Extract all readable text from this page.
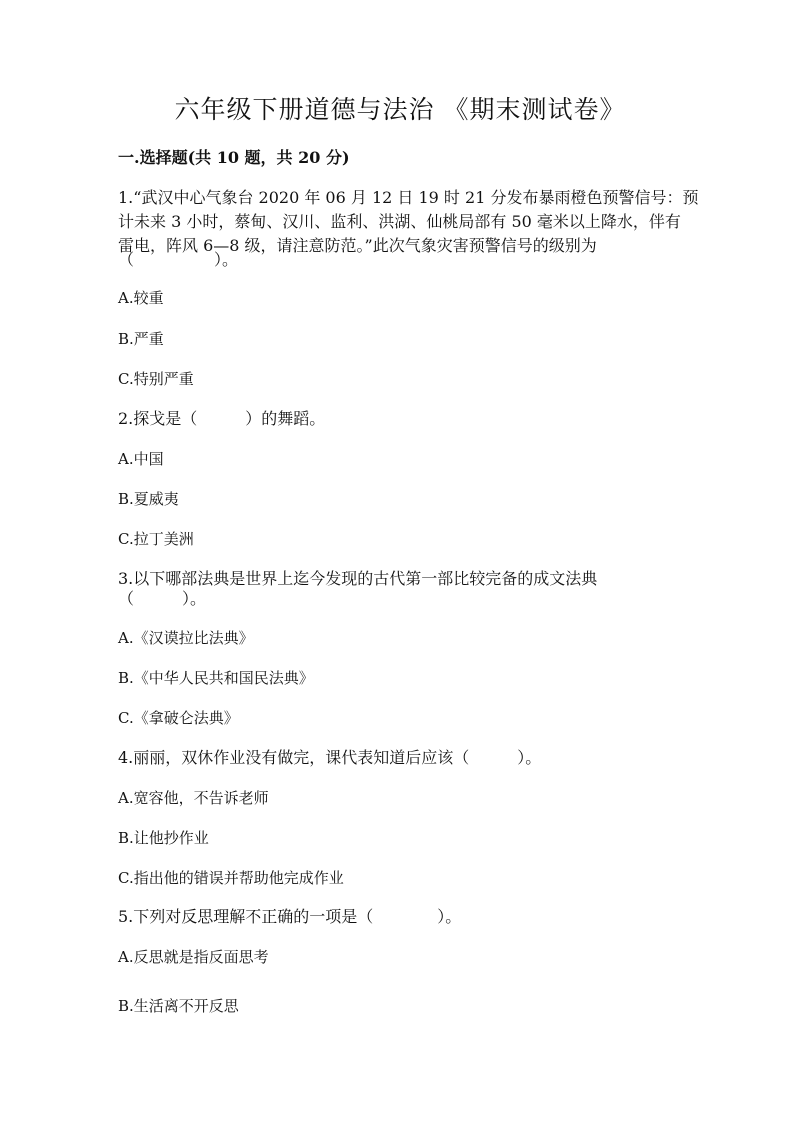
六年级下册道德与法治 《期末测试卷》
一.选择题(共 10 题，共 20 分)
1.“武汉中心气象台 2020 年 06 月 12 日 19 时 21 分发布暴雨橙色预警信号：预
计未来 3 小时，蔡甸、汉川、监利、洪湖、仙桃局部有 50 毫米以上降水，伴有
雷电，阵风 6—8 级，请注意防范。”此次气象灾害预警信号的级别为
（　　　　　）。
A.较重
B.严重
C.特别严重
2.探戈是（　　　）的舞蹈。
A.中国
B.夏威夷
C.拉丁美洲
3.以下哪部法典是世界上迄今发现的古代第一部比较完备的成文法典
（　　　）。
A.《汉谟拉比法典》
B.《中华人民共和国民法典》
C.《拿破仑法典》
4.丽丽，双休作业没有做完，课代表知道后应该（　　　）。
A.宽容他，不告诉老师
B.让他抄作业
C.指出他的错误并帮助他完成作业
5.下列对反思理解不正确的一项是（　　　　）。
A.反思就是指反面思考
B.生活离不开反思
